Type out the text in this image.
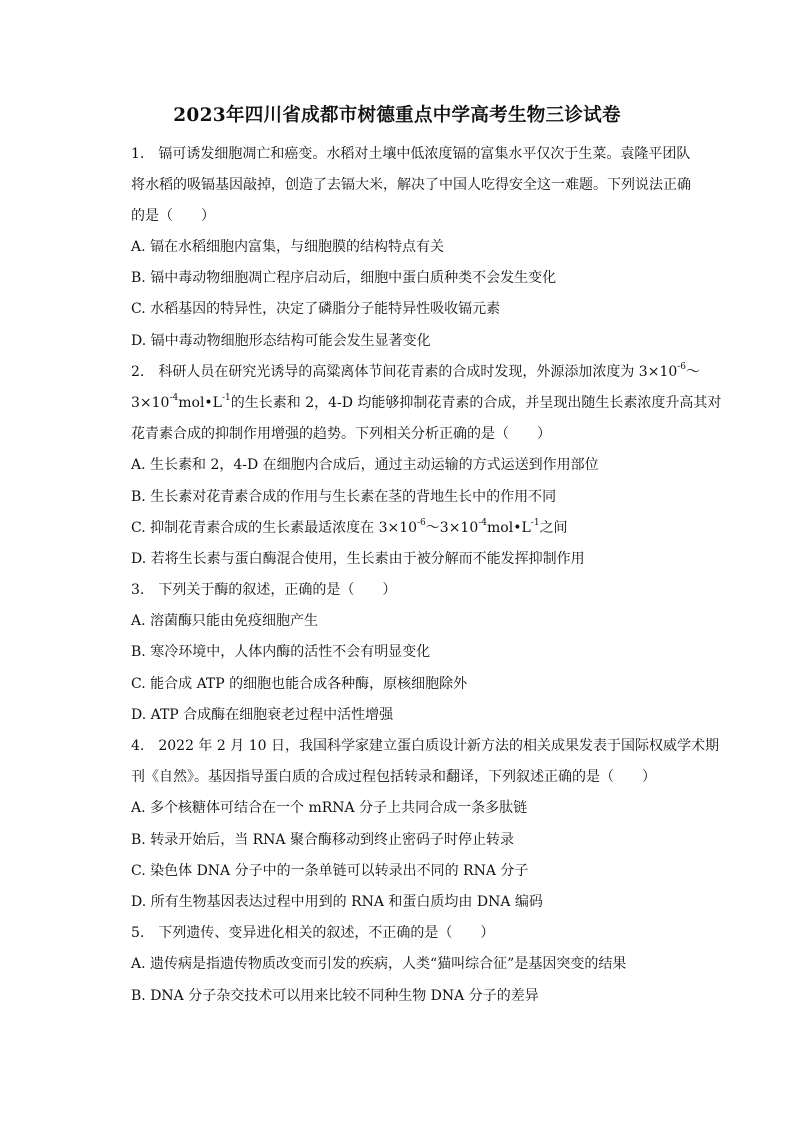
2023年四川省成都市树德重点中学高考生物三诊试卷
1.　镉可诱发细胞凋亡和癌变。水稻对土壤中低浓度镉的富集水平仅次于生菜。袁隆平团队
将水稻的吸镉基因敲掉，创造了去镉大米，解决了中国人吃得安全这一难题。下列说法正确
的是（　　）
A. 镉在水稻细胞内富集，与细胞膜的结构特点有关
B. 镉中毒动物细胞凋亡程序启动后，细胞中蛋白质种类不会发生变化
C. 水稻基因的特异性，决定了磷脂分子能特异性吸收镉元素
D. 镉中毒动物细胞形态结构可能会发生显著变化
2.　科研人员在研究光诱导的高粱离体节间花青素的合成时发现，外源添加浓度为 $3\times 10^{-6}\sim$
$3\times 10^{-4}mol•L^{-1}$的生长素和 2，4-D 均能够抑制花青素的合成，并呈现出随生长素浓度升高其对
花青素合成的抑制作用增强的趋势。下列相关分析正确的是（　　）
A. 生长素和 2，4-D 在细胞内合成后，通过主动运输的方式运送到作用部位
B. 生长素对花青素合成的作用与生长素在茎的背地生长中的作用不同
C. 抑制花青素合成的生长素最适浓度在 $3\times 10^{-6}\sim 3\times 10^{-4}mol•L^{-1}$之间
D. 若将生长素与蛋白酶混合使用，生长素由于被分解而不能发挥抑制作用
3.　下列关于酶的叙述，正确的是（　　）
A. 溶菌酶只能由免疫细胞产生
B. 寒冷环境中，人体内酶的活性不会有明显变化
C. 能合成 ATP 的细胞也能合成各种酶，原核细胞除外
D. ATP 合成酶在细胞衰老过程中活性增强
4.　2022 年 2 月 10 日，我国科学家建立蛋白质设计新方法的相关成果发表于国际权威学术期
刊《自然》。基因指导蛋白质的合成过程包括转录和翻译，下列叙述正确的是（　　）
A. 多个核糖体可结合在一个 mRNA 分子上共同合成一条多肽链
B. 转录开始后，当 RNA 聚合酶移动到终止密码子时停止转录
C. 染色体 DNA 分子中的一条单链可以转录出不同的 RNA 分子
D. 所有生物基因表达过程中用到的 RNA 和蛋白质均由 DNA 编码
5.　下列遗传、变异进化相关的叙述，不正确的是（　　）
A. 遗传病是指遗传物质改变而引发的疾病，人类“猫叫综合征”是基因突变的结果
B. DNA 分子杂交技术可以用来比较不同种生物 DNA 分子的差异
